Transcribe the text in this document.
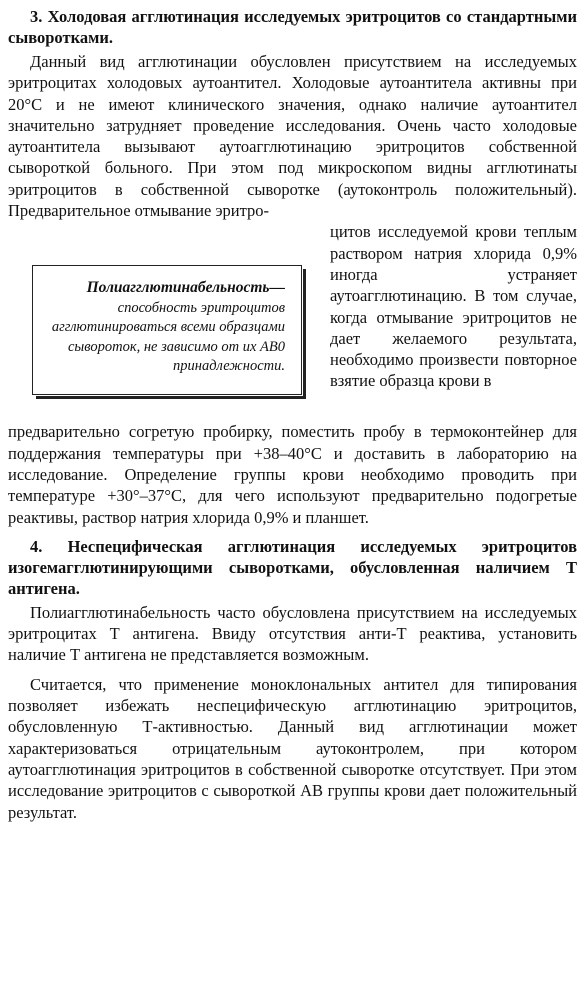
3. Холодовая агглютинация исследуемых эритроцитов со стандартными сыворотками.

Данный вид агглютинации обусловлен присутствием на исследуемых эритроцитах холодовых аутоантител. Холодовые аутоантитела активны при 20°С и не имеют клинического значения, однако наличие аутоантител значительно затрудняет проведение исследования. Очень часто холодовые аутоантитела вызывают аутоагглютинацию эритроцитов собственной сывороткой больного. При этом под микроскопом видны агглютинаты эритроцитов в собственной сыворотке (аутоконтроль положительный). Предварительное отмывание эритро-

Полиагглютинабельность— способность эритроцитов агглютинироваться всеми образцами сывороток, не зависимо от их АВ0 принадлежности.

цитов исследуемой крови теплым раствором натрия хлорида 0,9% иногда устраняет аутоагглютинацию. В том случае, когда отмывание эритроцитов не дает желаемого результата, необходимо произвести повторное взятие образца крови в

предварительно согретую пробирку, поместить пробу в термоконтейнер для поддержания температуры при +38–40°С и доставить в лабораторию на исследование. Определение группы крови необходимо проводить при температуре +30°–37°С, для чего используют предварительно подогретые реактивы, раствор натрия хлорида 0,9% и планшет.

4. Неспецифическая агглютинация исследуемых эритроцитов изогемагглютинирующими сыворотками, обусловленная наличием Т антигена.

Полиагглютинабельность часто обусловлена присутствием на исследуемых эритроцитах Т антигена. Ввиду отсутствия анти-Т реактива, установить наличие Т антигена не представляется возможным.

Считается, что применение моноклональных антител для типирования позволяет избежать неспецифическую агглютинацию эритроцитов, обусловленную Т-активностью. Данный вид агглютинации может характеризоваться отрицательным аутоконтролем, при котором аутоагглютинация эритроцитов в собственной сыворотке отсутствует. При этом исследование эритроцитов с сывороткой АВ группы крови дает положительный результат.
